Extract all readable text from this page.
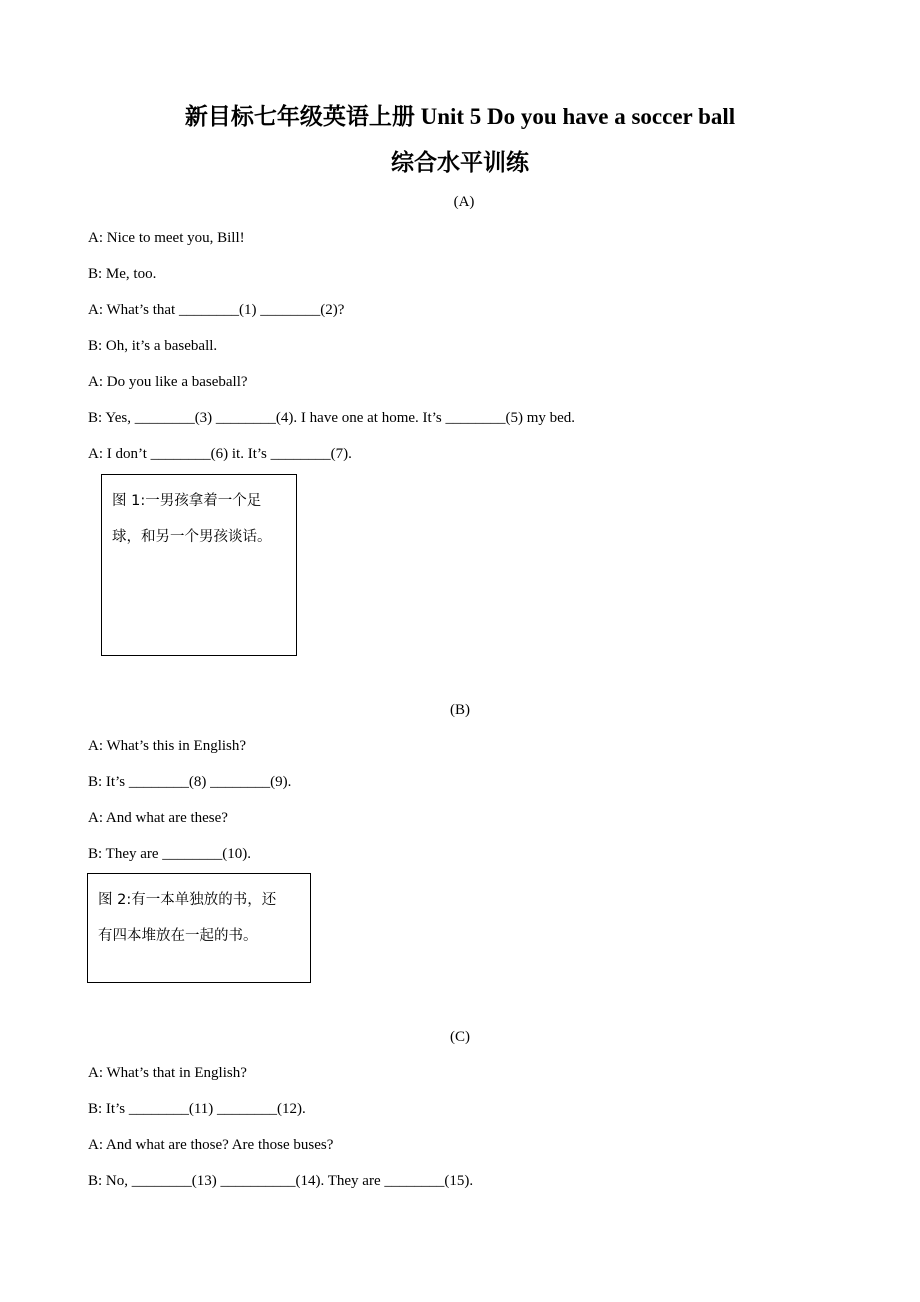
新目标七年级英语上册 Unit 5 Do you have a soccer ball
综合水平训练
(A)
A: Nice to meet you, Bill!
B: Me, too.
A: What’s that ________(1) ________(2)?
B: Oh, it’s a baseball.
A: Do you like a baseball?
B: Yes, ________(3) ________(4). I have one at home. It’s ________(5) my bed.
A: I don’t ________(6) it. It’s ________(7).
图 1:一男孩拿着一个足
球，和另一个男孩谈话。
(B)
A: What’s this in English?
B: It’s ________(8) ________(9).
A: And what are these?
B: They are ________(10).
图 2:有一本单独放的书，还
有四本堆放在一起的书。
(C)
A: What’s that in English?
B: It’s ________(11) ________(12).
A: And what are those? Are those buses?
B: No, ________(13) __________(14). They are ________(15).
